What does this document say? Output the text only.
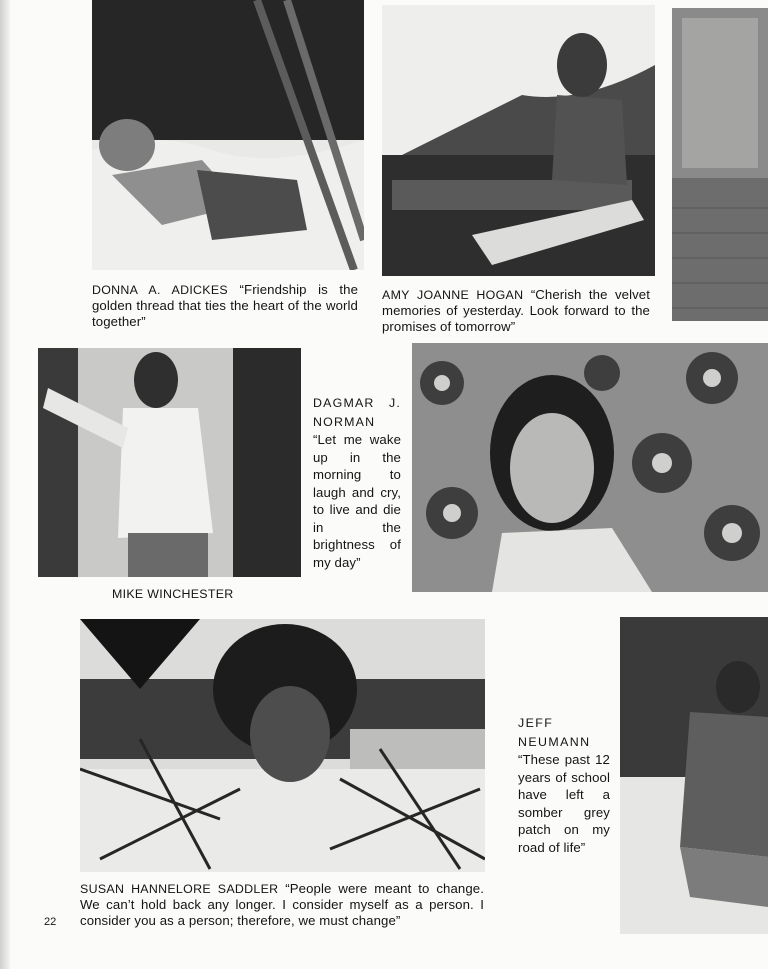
DONNA A. ADICKES “Friendship is the golden thread that ties the heart of the world together”
AMY JOANNE HOGAN “Cherish the velvet memories of yesterday. Look forward to the promises of tomorrow”
DAGMAR J. NORMAN “Let me wake up in the morning to laugh and cry, to live and die in the brightness of my day”
MIKE WINCHESTER
JEFF NEUMANN “These past 12 years of school have left a somber grey patch on my road of life”
SUSAN HANNELORE SADDLER “People were meant to change. We can’t hold back any longer. I consider myself as a person. I consider you as a person; therefore, we must change”
22
